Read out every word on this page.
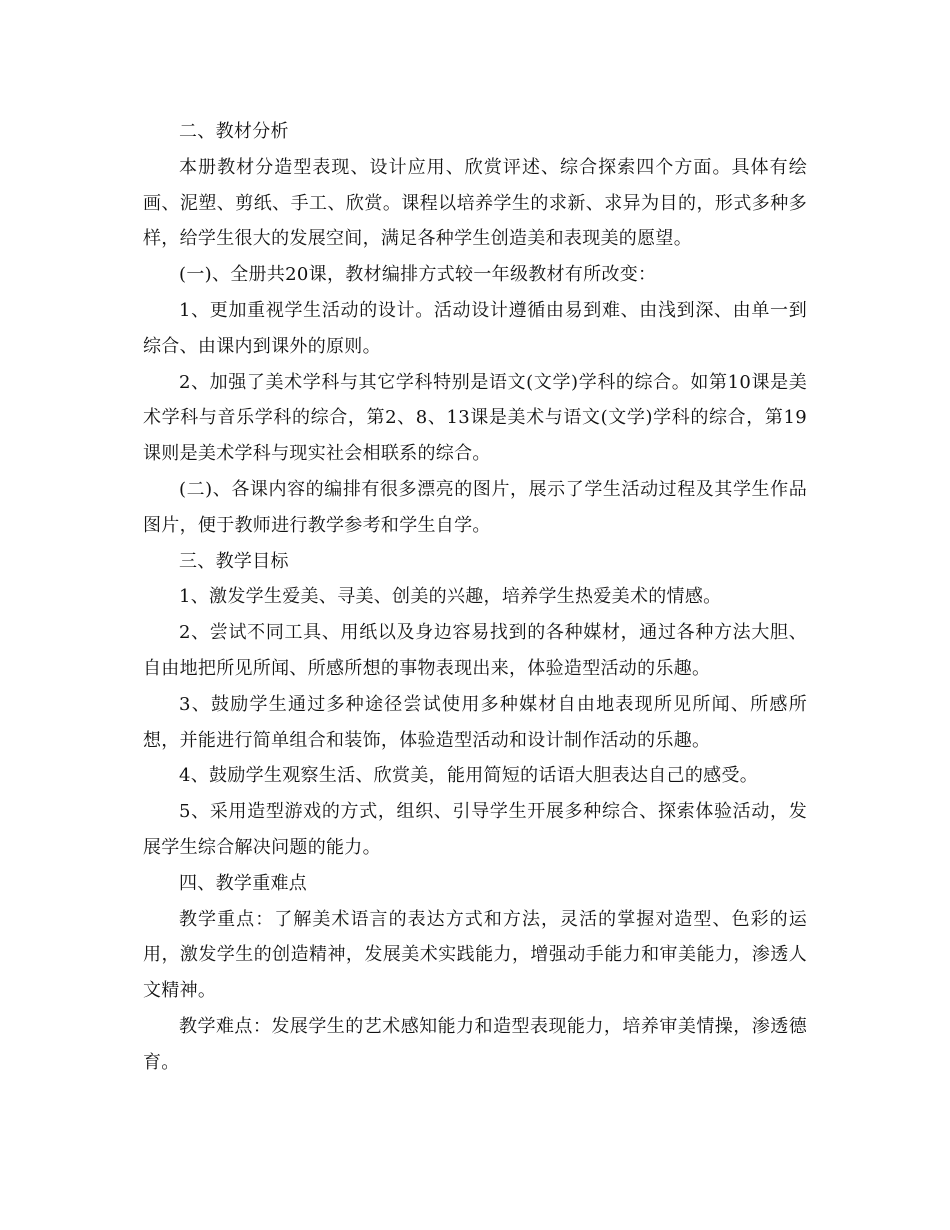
二、教材分析

本册教材分造型表现、设计应用、欣赏评述、综合探索四个方面。具体有绘画、泥塑、剪纸、手工、欣赏。课程以培养学生的求新、求异为目的，形式多种多样，给学生很大的发展空间，满足各种学生创造美和表现美的愿望。

(一)、全册共20课，教材编排方式较一年级教材有所改变：

1、更加重视学生活动的设计。活动设计遵循由易到难、由浅到深、由单一到综合、由课内到课外的原则。

2、加强了美术学科与其它学科特别是语文(文学)学科的综合。如第10课是美术学科与音乐学科的综合，第2、8、13课是美术与语文(文学)学科的综合，第19课则是美术学科与现实社会相联系的综合。

(二)、各课内容的编排有很多漂亮的图片，展示了学生活动过程及其学生作品图片，便于教师进行教学参考和学生自学。

三、教学目标

1、激发学生爱美、寻美、创美的兴趣，培养学生热爱美术的情感。

2、尝试不同工具、用纸以及身边容易找到的各种媒材，通过各种方法大胆、自由地把所见所闻、所感所想的事物表现出来，体验造型活动的乐趣。

3、鼓励学生通过多种途径尝试使用多种媒材自由地表现所见所闻、所感所想，并能进行简单组合和装饰，体验造型活动和设计制作活动的乐趣。

4、鼓励学生观察生活、欣赏美，能用简短的话语大胆表达自己的感受。

5、采用造型游戏的方式，组织、引导学生开展多种综合、探索体验活动，发展学生综合解决问题的能力。

四、教学重难点

教学重点：了解美术语言的表达方式和方法，灵活的掌握对造型、色彩的运用，激发学生的创造精神，发展美术实践能力，增强动手能力和审美能力，渗透人文精神。

教学难点：发展学生的艺术感知能力和造型表现能力，培养审美情操，渗透德育。
